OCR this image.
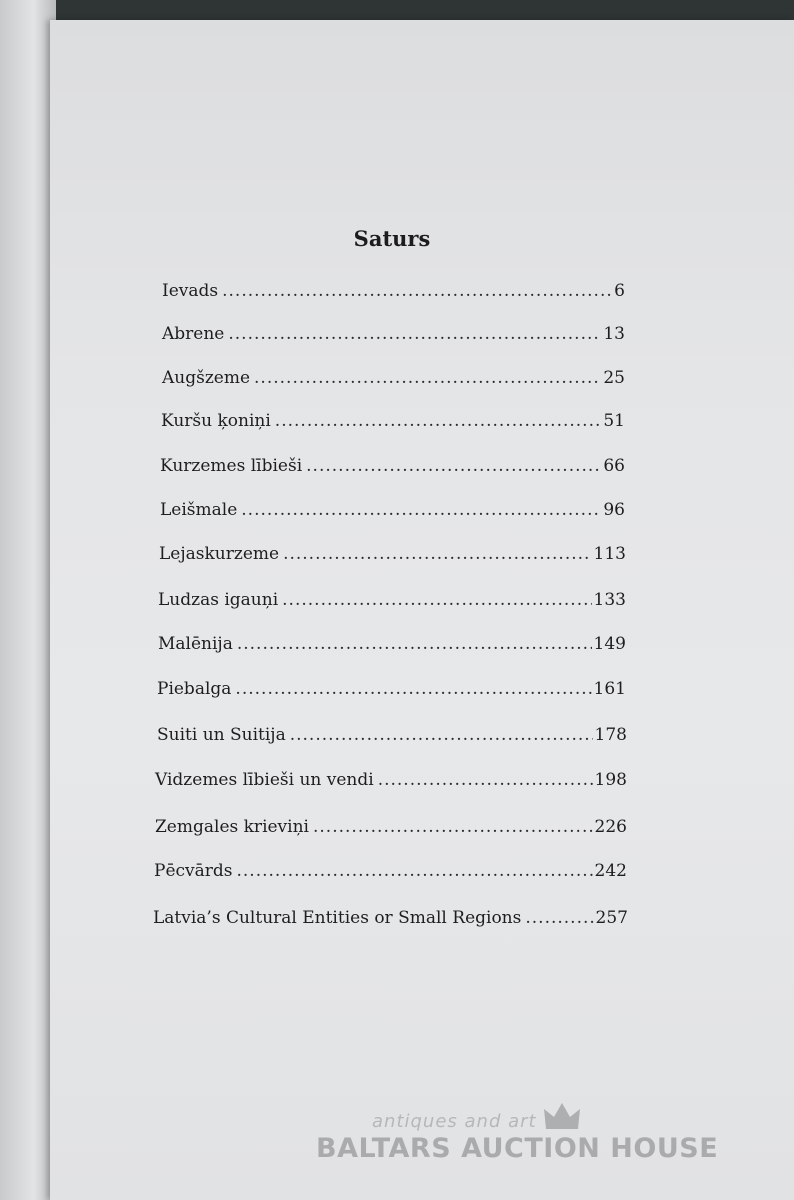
Saturs
Ievads .....	6
Abrene .....	13
Augšzeme .....	25
Kuršu ķoniņi .....	51
Kurzemes lībieši .....	66
Leišmale .....	96
Lejaskurzeme .....	113
Ludzas igauņi .....	133
Malēnija .....	149
Piebalga .....	161
Suiti un Suitija .....	178
Vidzemes lībieši un vendi .....	198
Zemgales krieviņi .....	226
Pēcvārds .....	242
Latvia’s Cultural Entities or Small Regions .....	257
antiques and art
BALTARS AUCTION HOUSE
